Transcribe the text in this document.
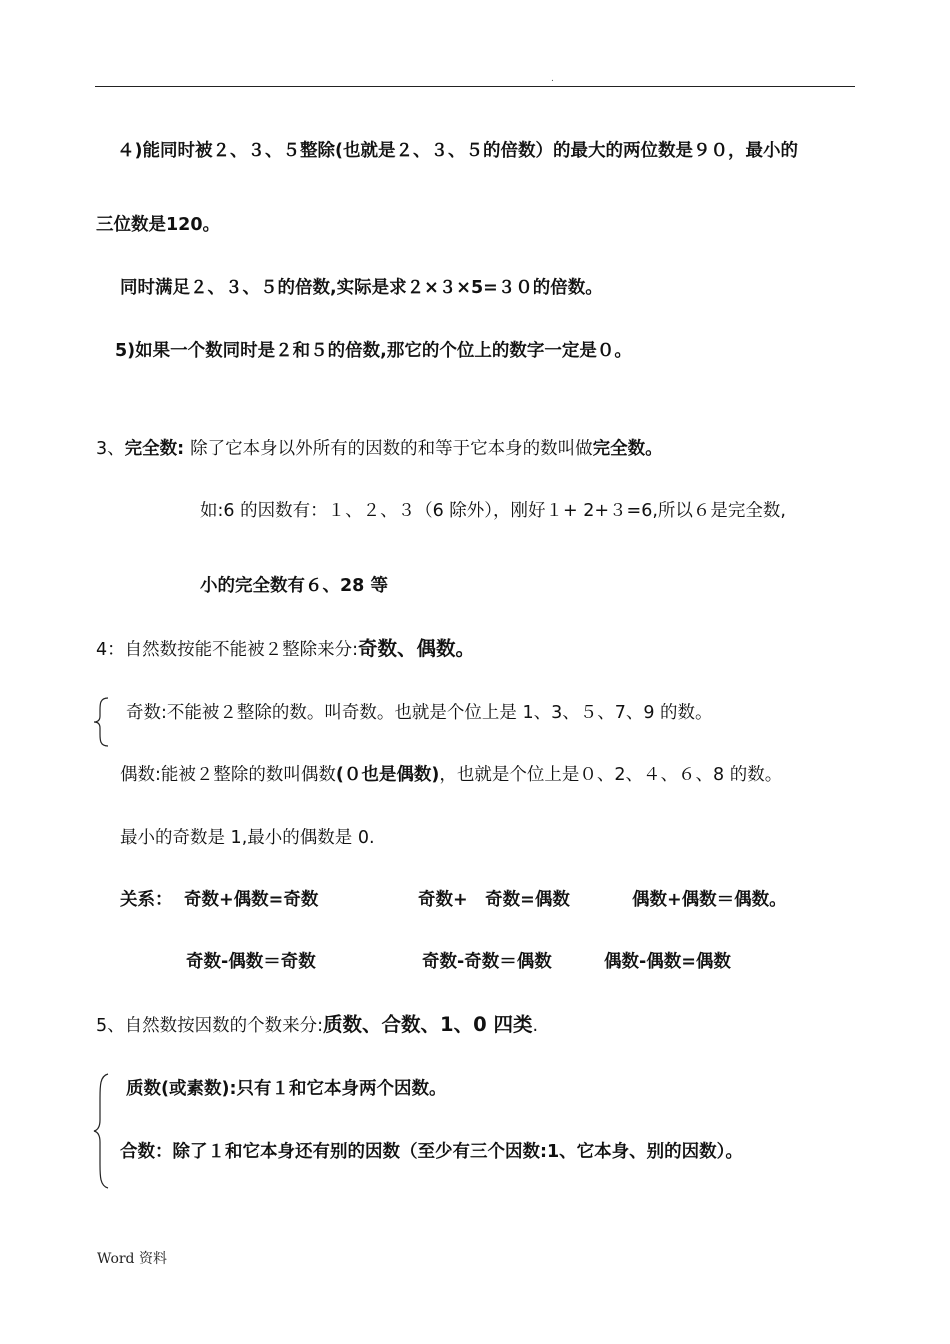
.
４)能同时被２、３、５整除(也就是２、３、５的倍数）的最大的两位数是９０，最小的
三位数是120。
同时满足２、３、５的倍数,实际是求２×３×5=３０的倍数。
5)如果一个数同时是２和５的倍数,那它的个位上的数字一定是０。
3、完全数: 除了它本身以外所有的因数的和等于它本身的数叫做完全数。
如:6 的因数有：１、２、３（6 除外），刚好１+ 2+３=6,所以６是完全数,
小的完全数有６、28 等
4：自然数按能不能被２整除来分:奇数、偶数。
奇数:不能被２整除的数。叫奇数。也就是个位上是 1、3、５、7、9 的数。
偶数:能被２整除的数叫偶数(０也是偶数)，也就是个位上是０、2、４、６、8 的数。
最小的奇数是 1,最小的偶数是 0.
关系： 奇数+偶数=奇数	奇数+　奇数=偶数	偶数+偶数＝偶数。
奇数-偶数＝奇数	奇数-奇数＝偶数	偶数-偶数=偶数
5、自然数按因数的个数来分:质数、合数、1、0 四类.
质数(或素数):只有１和它本身两个因数。
合数：除了１和它本身还有别的因数（至少有三个因数:1、它本身、别的因数）。
Word 资料
